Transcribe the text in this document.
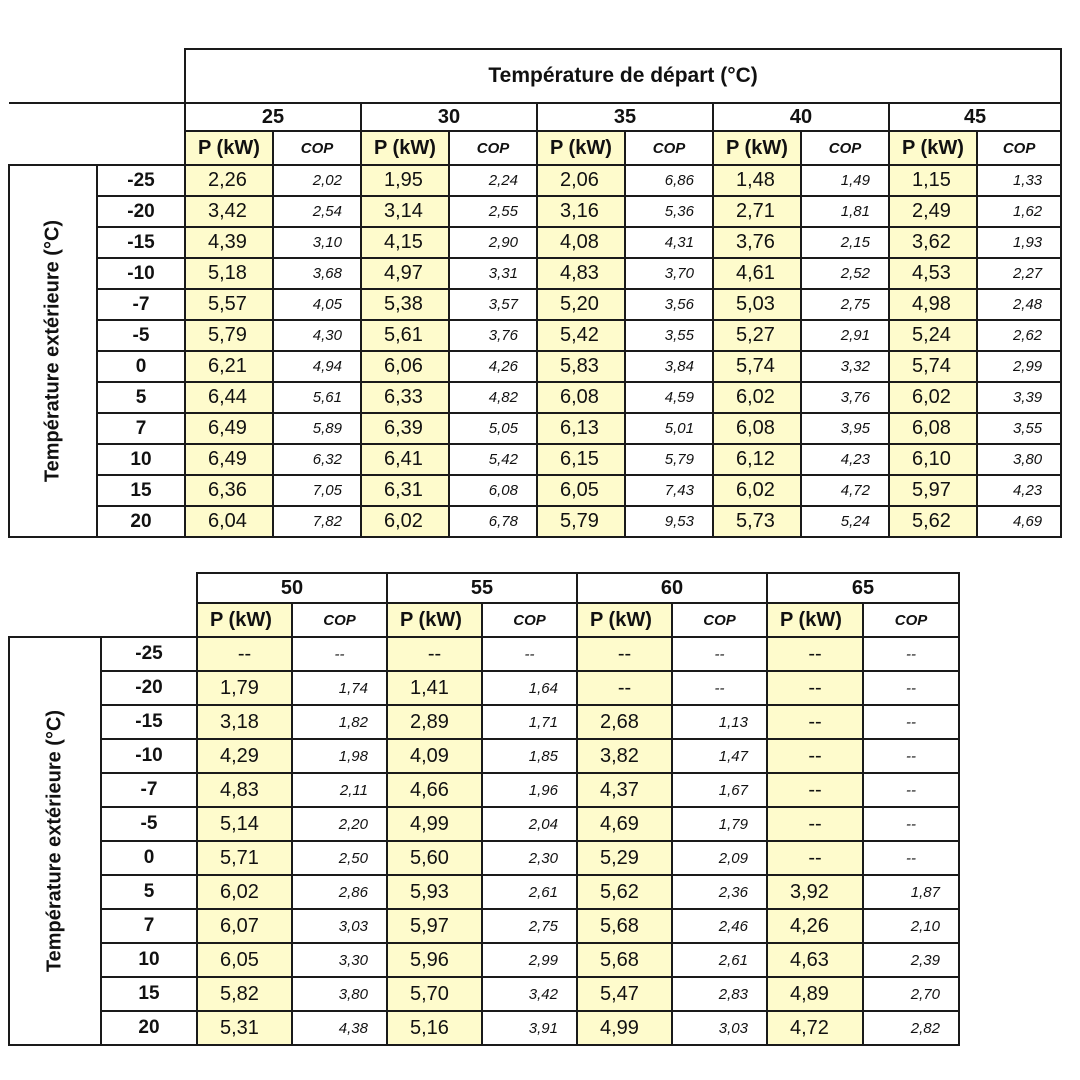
		Température de départ (°C)									
		25		30		35		40		45	
		P (kW)	COP	P (kW)	COP	P (kW)	COP	P (kW)	COP	P (kW)	COP

Température extérieure (°C)	-25	2,26	2,02	1,95	2,24	2,06	6,86	1,48	1,49	1,15	1,33
	-20	3,42	2,54	3,14	2,55	3,16	5,36	2,71	1,81	2,49	1,62
	-15	4,39	3,10	4,15	2,90	4,08	4,31	3,76	2,15	3,62	1,93
	-10	5,18	3,68	4,97	3,31	4,83	3,70	4,61	2,52	4,53	2,27
	-7	5,57	4,05	5,38	3,57	5,20	3,56	5,03	2,75	4,98	2,48
	-5	5,79	4,30	5,61	3,76	5,42	3,55	5,27	2,91	5,24	2,62
	0	6,21	4,94	6,06	4,26	5,83	3,84	5,74	3,32	5,74	2,99
	5	6,44	5,61	6,33	4,82	6,08	4,59	6,02	3,76	6,02	3,39
	7	6,49	5,89	6,39	5,05	6,13	5,01	6,08	3,95	6,08	3,55
	10	6,49	6,32	6,41	5,42	6,15	5,79	6,12	4,23	6,10	3,80
	15	6,36	7,05	6,31	6,08	6,05	7,43	6,02	4,72	5,97	4,23
	20	6,04	7,82	6,02	6,78	5,79	9,53	5,73	5,24	5,62	4,69
		50		55		60		65	
		P (kW)	COP	P (kW)	COP	P (kW)	COP	P (kW)	COP

Température extérieure (°C)	-25	--	--	--	--	--	--	--	--
	-20	1,79	1,74	1,41	1,64	--	--	--	--
	-15	3,18	1,82	2,89	1,71	2,68	1,13	--	--
	-10	4,29	1,98	4,09	1,85	3,82	1,47	--	--
	-7	4,83	2,11	4,66	1,96	4,37	1,67	--	--
	-5	5,14	2,20	4,99	2,04	4,69	1,79	--	--
	0	5,71	2,50	5,60	2,30	5,29	2,09	--	--
	5	6,02	2,86	5,93	2,61	5,62	2,36	3,92	1,87
	7	6,07	3,03	5,97	2,75	5,68	2,46	4,26	2,10
	10	6,05	3,30	5,96	2,99	5,68	2,61	4,63	2,39
	15	5,82	3,80	5,70	3,42	5,47	2,83	4,89	2,70
	20	5,31	4,38	5,16	3,91	4,99	3,03	4,72	2,82
